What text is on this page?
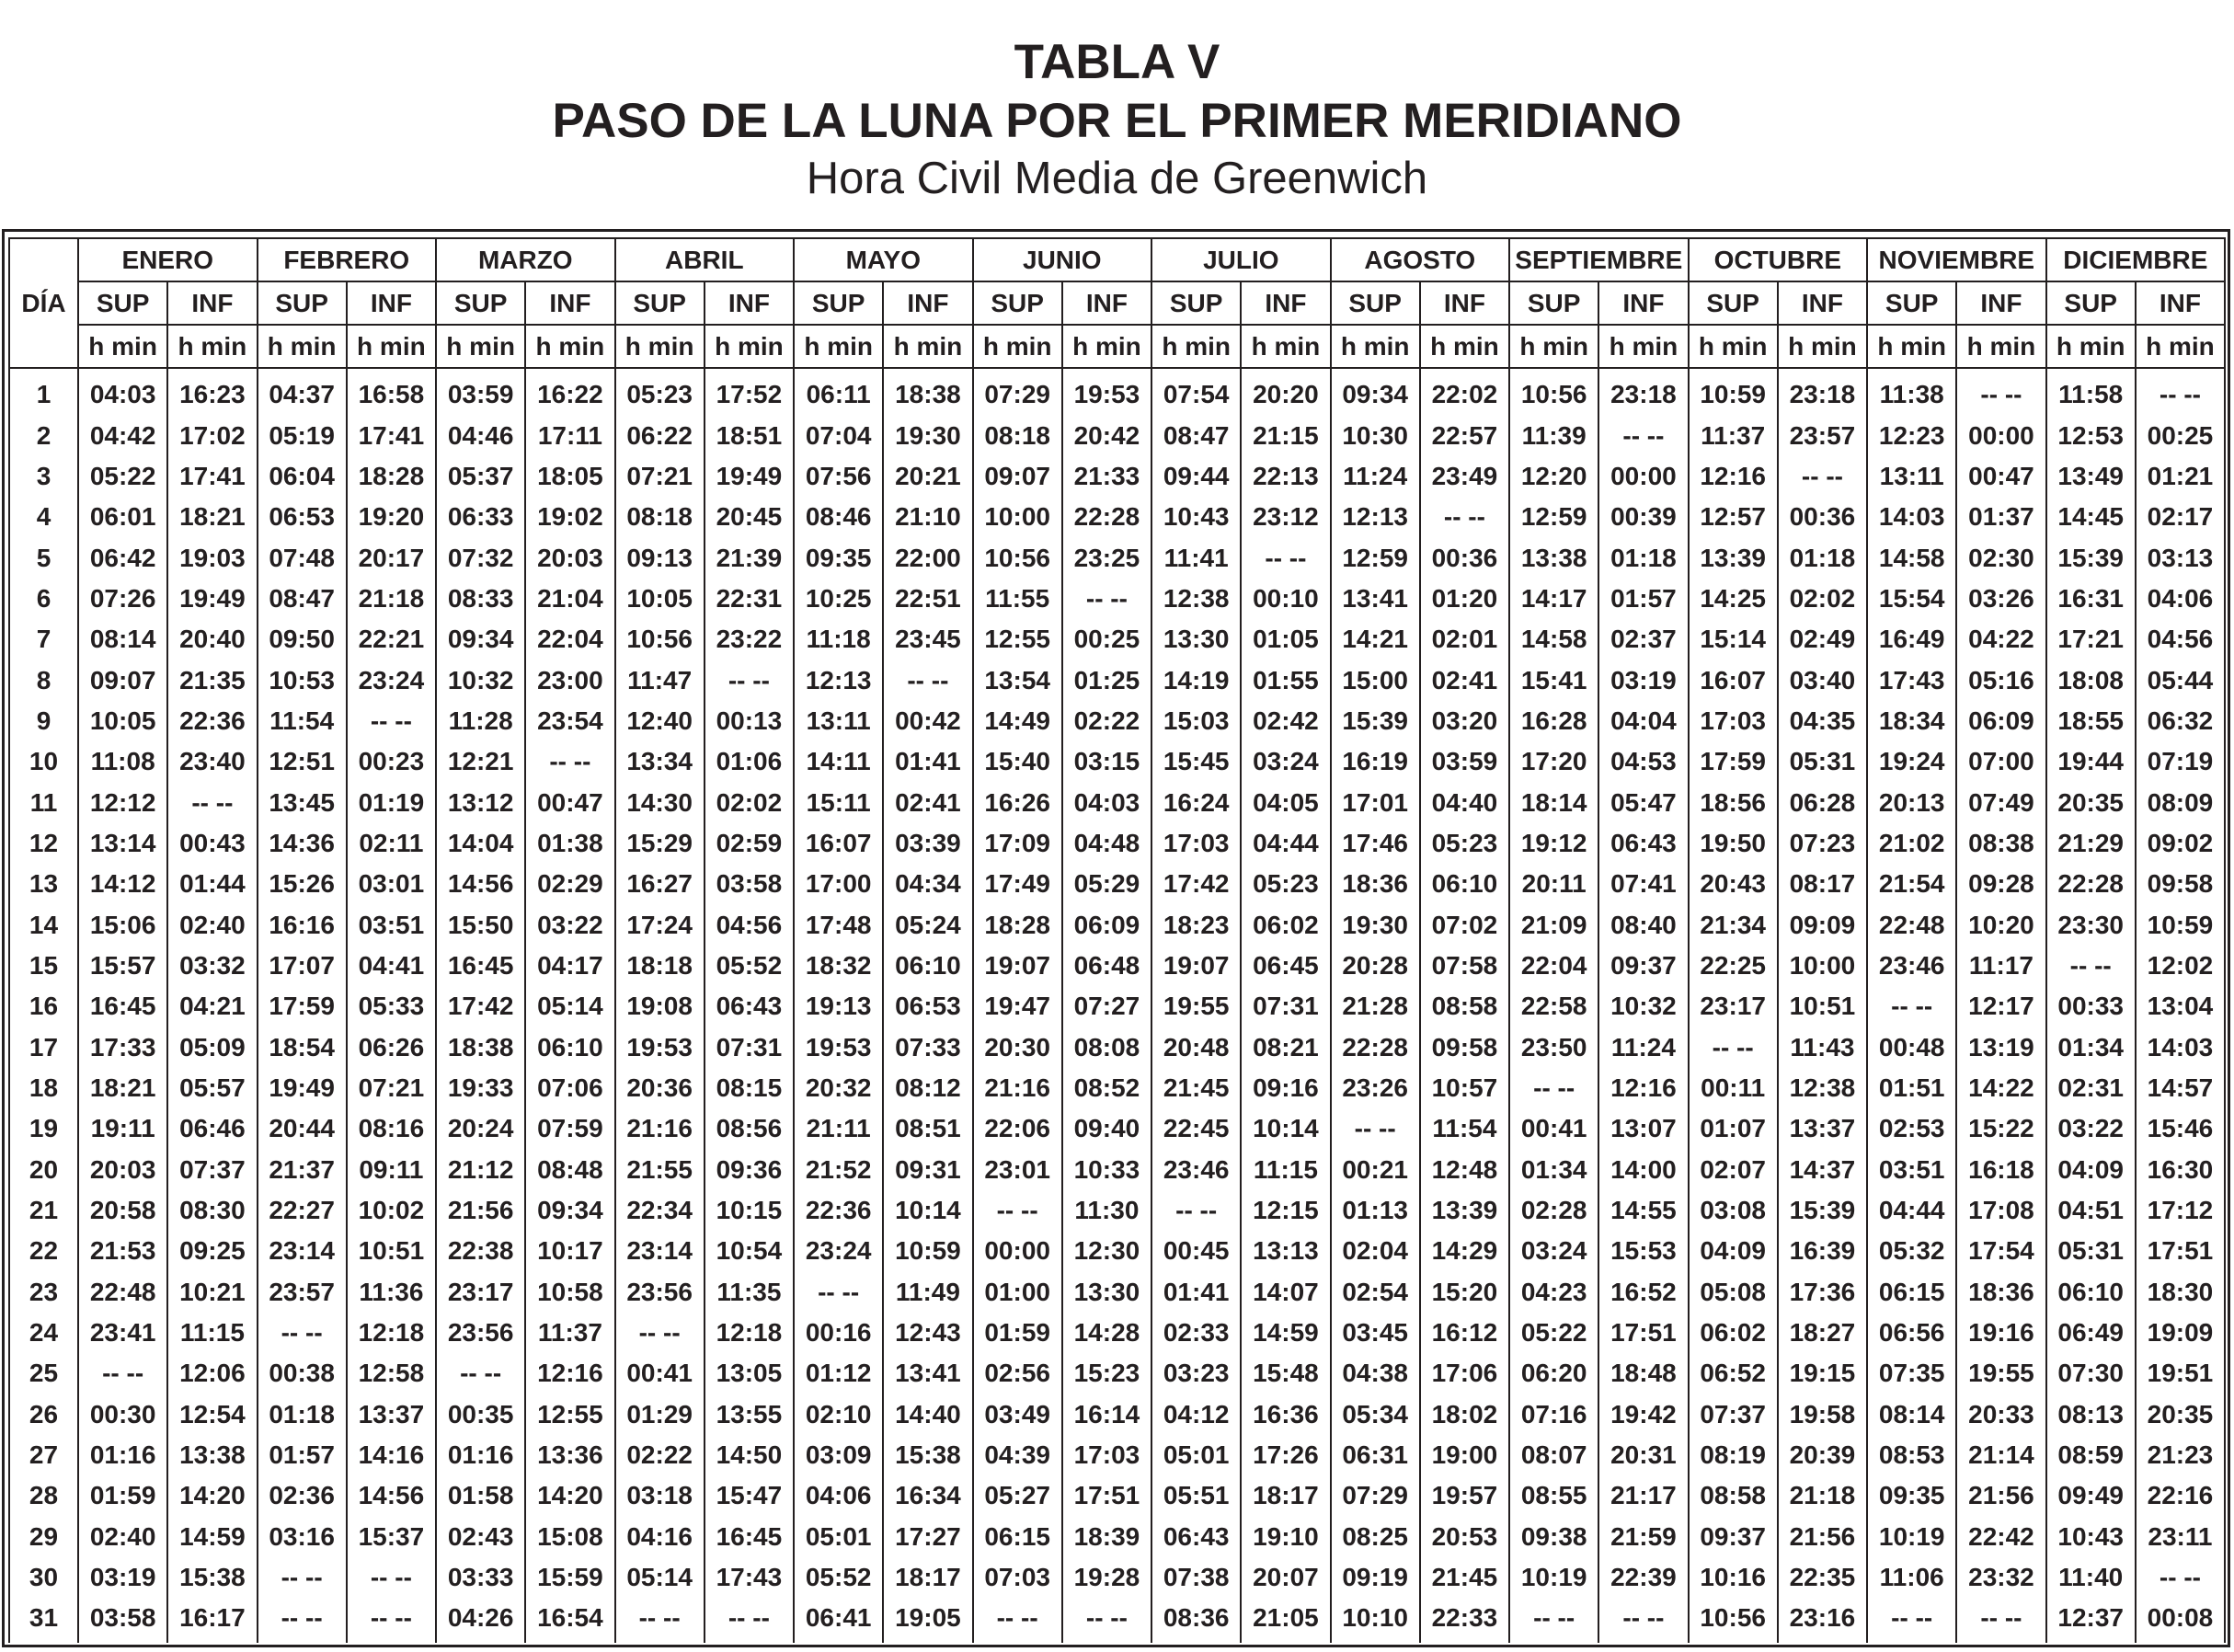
TABLA V
PASO DE LA LUNA POR EL PRIMER MERIDIANO
Hora Civil Media de Greenwich
DÍA	ENERO		FEBRERO		MARZO		ABRIL		MAYO		JUNIO		JULIO		AGOSTO		SEPTIEMBRE		OCTUBRE		NOVIEMBRE		DICIEMBRE	
	SUP	INF	SUP	INF	SUP	INF	SUP	INF	SUP	INF	SUP	INF	SUP	INF	SUP	INF	SUP	INF	SUP	INF	SUP	INF	SUP	INF
	h min	h min	h min	h min	h min	h min	h min	h min	h min	h min	h min	h min	h min	h min	h min	h min	h min	h min	h min	h min	h min	h min	h min	h min
1	04:03	16:23	04:37	16:58	03:59	16:22	05:23	17:52	06:11	18:38	07:29	19:53	07:54	20:20	09:34	22:02	10:56	23:18	10:59	23:18	11:38	-- --	11:58	-- --
2	04:42	17:02	05:19	17:41	04:46	17:11	06:22	18:51	07:04	19:30	08:18	20:42	08:47	21:15	10:30	22:57	11:39	-- --	11:37	23:57	12:23	00:00	12:53	00:25
3	05:22	17:41	06:04	18:28	05:37	18:05	07:21	19:49	07:56	20:21	09:07	21:33	09:44	22:13	11:24	23:49	12:20	00:00	12:16	-- --	13:11	00:47	13:49	01:21
4	06:01	18:21	06:53	19:20	06:33	19:02	08:18	20:45	08:46	21:10	10:00	22:28	10:43	23:12	12:13	-- --	12:59	00:39	12:57	00:36	14:03	01:37	14:45	02:17
5	06:42	19:03	07:48	20:17	07:32	20:03	09:13	21:39	09:35	22:00	10:56	23:25	11:41	-- --	12:59	00:36	13:38	01:18	13:39	01:18	14:58	02:30	15:39	03:13
6	07:26	19:49	08:47	21:18	08:33	21:04	10:05	22:31	10:25	22:51	11:55	-- --	12:38	00:10	13:41	01:20	14:17	01:57	14:25	02:02	15:54	03:26	16:31	04:06
7	08:14	20:40	09:50	22:21	09:34	22:04	10:56	23:22	11:18	23:45	12:55	00:25	13:30	01:05	14:21	02:01	14:58	02:37	15:14	02:49	16:49	04:22	17:21	04:56
8	09:07	21:35	10:53	23:24	10:32	23:00	11:47	-- --	12:13	-- --	13:54	01:25	14:19	01:55	15:00	02:41	15:41	03:19	16:07	03:40	17:43	05:16	18:08	05:44
9	10:05	22:36	11:54	-- --	11:28	23:54	12:40	00:13	13:11	00:42	14:49	02:22	15:03	02:42	15:39	03:20	16:28	04:04	17:03	04:35	18:34	06:09	18:55	06:32
10	11:08	23:40	12:51	00:23	12:21	-- --	13:34	01:06	14:11	01:41	15:40	03:15	15:45	03:24	16:19	03:59	17:20	04:53	17:59	05:31	19:24	07:00	19:44	07:19
11	12:12	-- --	13:45	01:19	13:12	00:47	14:30	02:02	15:11	02:41	16:26	04:03	16:24	04:05	17:01	04:40	18:14	05:47	18:56	06:28	20:13	07:49	20:35	08:09
12	13:14	00:43	14:36	02:11	14:04	01:38	15:29	02:59	16:07	03:39	17:09	04:48	17:03	04:44	17:46	05:23	19:12	06:43	19:50	07:23	21:02	08:38	21:29	09:02
13	14:12	01:44	15:26	03:01	14:56	02:29	16:27	03:58	17:00	04:34	17:49	05:29	17:42	05:23	18:36	06:10	20:11	07:41	20:43	08:17	21:54	09:28	22:28	09:58
14	15:06	02:40	16:16	03:51	15:50	03:22	17:24	04:56	17:48	05:24	18:28	06:09	18:23	06:02	19:30	07:02	21:09	08:40	21:34	09:09	22:48	10:20	23:30	10:59
15	15:57	03:32	17:07	04:41	16:45	04:17	18:18	05:52	18:32	06:10	19:07	06:48	19:07	06:45	20:28	07:58	22:04	09:37	22:25	10:00	23:46	11:17	-- --	12:02
16	16:45	04:21	17:59	05:33	17:42	05:14	19:08	06:43	19:13	06:53	19:47	07:27	19:55	07:31	21:28	08:58	22:58	10:32	23:17	10:51	-- --	12:17	00:33	13:04
17	17:33	05:09	18:54	06:26	18:38	06:10	19:53	07:31	19:53	07:33	20:30	08:08	20:48	08:21	22:28	09:58	23:50	11:24	-- --	11:43	00:48	13:19	01:34	14:03
18	18:21	05:57	19:49	07:21	19:33	07:06	20:36	08:15	20:32	08:12	21:16	08:52	21:45	09:16	23:26	10:57	-- --	12:16	00:11	12:38	01:51	14:22	02:31	14:57
19	19:11	06:46	20:44	08:16	20:24	07:59	21:16	08:56	21:11	08:51	22:06	09:40	22:45	10:14	-- --	11:54	00:41	13:07	01:07	13:37	02:53	15:22	03:22	15:46
20	20:03	07:37	21:37	09:11	21:12	08:48	21:55	09:36	21:52	09:31	23:01	10:33	23:46	11:15	00:21	12:48	01:34	14:00	02:07	14:37	03:51	16:18	04:09	16:30
21	20:58	08:30	22:27	10:02	21:56	09:34	22:34	10:15	22:36	10:14	-- --	11:30	-- --	12:15	01:13	13:39	02:28	14:55	03:08	15:39	04:44	17:08	04:51	17:12
22	21:53	09:25	23:14	10:51	22:38	10:17	23:14	10:54	23:24	10:59	00:00	12:30	00:45	13:13	02:04	14:29	03:24	15:53	04:09	16:39	05:32	17:54	05:31	17:51
23	22:48	10:21	23:57	11:36	23:17	10:58	23:56	11:35	-- --	11:49	01:00	13:30	01:41	14:07	02:54	15:20	04:23	16:52	05:08	17:36	06:15	18:36	06:10	18:30
24	23:41	11:15	-- --	12:18	23:56	11:37	-- --	12:18	00:16	12:43	01:59	14:28	02:33	14:59	03:45	16:12	05:22	17:51	06:02	18:27	06:56	19:16	06:49	19:09
25	-- --	12:06	00:38	12:58	-- --	12:16	00:41	13:05	01:12	13:41	02:56	15:23	03:23	15:48	04:38	17:06	06:20	18:48	06:52	19:15	07:35	19:55	07:30	19:51
26	00:30	12:54	01:18	13:37	00:35	12:55	01:29	13:55	02:10	14:40	03:49	16:14	04:12	16:36	05:34	18:02	07:16	19:42	07:37	19:58	08:14	20:33	08:13	20:35
27	01:16	13:38	01:57	14:16	01:16	13:36	02:22	14:50	03:09	15:38	04:39	17:03	05:01	17:26	06:31	19:00	08:07	20:31	08:19	20:39	08:53	21:14	08:59	21:23
28	01:59	14:20	02:36	14:56	01:58	14:20	03:18	15:47	04:06	16:34	05:27	17:51	05:51	18:17	07:29	19:57	08:55	21:17	08:58	21:18	09:35	21:56	09:49	22:16
29	02:40	14:59	03:16	15:37	02:43	15:08	04:16	16:45	05:01	17:27	06:15	18:39	06:43	19:10	08:25	20:53	09:38	21:59	09:37	21:56	10:19	22:42	10:43	23:11
30	03:19	15:38	-- --	-- --	03:33	15:59	05:14	17:43	05:52	18:17	07:03	19:28	07:38	20:07	09:19	21:45	10:19	22:39	10:16	22:35	11:06	23:32	11:40	-- --
31	03:58	16:17	-- --	-- --	04:26	16:54	-- --	-- --	06:41	19:05	-- --	-- --	08:36	21:05	10:10	22:33	-- --	-- --	10:56	23:16	-- --	-- --	12:37	00:08
